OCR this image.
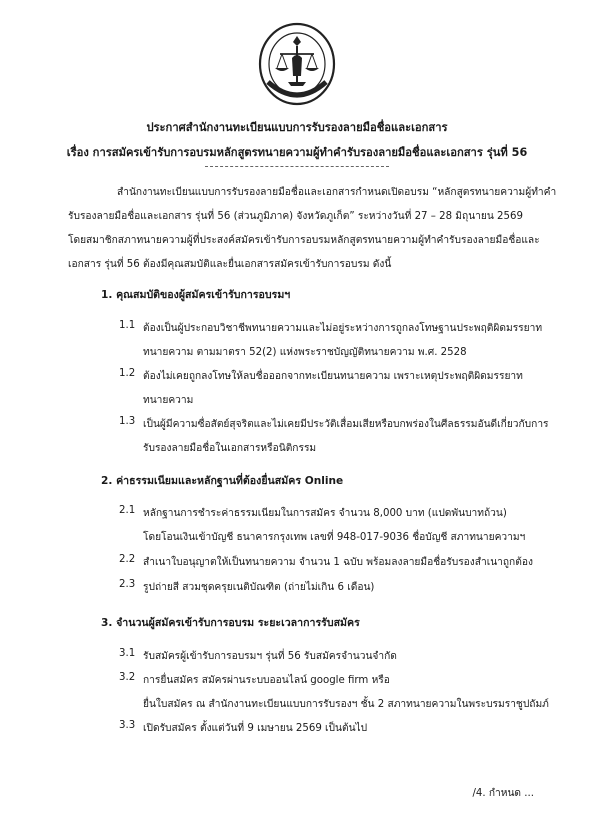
ประกาศสำนักงานทะเบียนแบบการรับรองลายมือชื่อและเอกสาร
เรื่อง การสมัครเข้ารับการอบรมหลักสูตรทนายความผู้ทำคำรับรองลายมือชื่อและเอกสาร รุ่นที่ 56
สำนักงานทะเบียนแบบการรับรองลายมือชื่อและเอกสารกำหนดเปิดอบรม “หลักสูตรทนายความผู้ทำคำ
รับรองลายมือชื่อและเอกสาร รุ่นที่ 56 (ส่วนภูมิภาค) จังหวัดภูเก็ต” ระหว่างวันที่ 27 – 28 มิถุนายน 2569
โดยสมาชิกสภาทนายความผู้ที่ประสงค์สมัครเข้ารับการอบรมหลักสูตรทนายความผู้ทำคำรับรองลายมือชื่อและ
เอกสาร รุ่นที่ 56 ต้องมีคุณสมบัติและยื่นเอกสารสมัครเข้ารับการอบรม ดังนี้
1. คุณสมบัติของผู้สมัครเข้ารับการอบรมฯ
1.1 ต้องเป็นผู้ประกอบวิชาชีพทนายความและไม่อยู่ระหว่างการถูกลงโทษฐานประพฤติผิดมรรยาท
ทนายความ ตามมาตรา 52(2) แห่งพระราชบัญญัติทนายความ พ.ศ. 2528
1.2 ต้องไม่เคยถูกลงโทษให้ลบชื่อออกจากทะเบียนทนายความ เพราะเหตุประพฤติผิดมรรยาท
ทนายความ
1.3 เป็นผู้มีความซื่อสัตย์สุจริตและไม่เคยมีประวัติเสื่อมเสียหรือบกพร่องในศีลธรรมอันดีเกี่ยวกับการ
รับรองลายมือชื่อในเอกสารหรือนิติกรรม
2. ค่าธรรมเนียมและหลักฐานที่ต้องยื่นสมัคร Online
2.1 หลักฐานการชำระค่าธรรมเนียมในการสมัคร จำนวน 8,000 บาท (แปดพันบาทถ้วน)
โดยโอนเงินเข้าบัญชี ธนาคารกรุงเทพ เลขที่ 948-017-9036 ชื่อบัญชี สภาทนายความฯ
2.2 สำเนาใบอนุญาตให้เป็นทนายความ จำนวน 1 ฉบับ พร้อมลงลายมือชื่อรับรองสำเนาถูกต้อง
2.3 รูปถ่ายสี สวมชุดครุยเนติบัณฑิต (ถ่ายไม่เกิน 6 เดือน)
3. จำนวนผู้สมัครเข้ารับการอบรม ระยะเวลาการรับสมัคร
3.1 รับสมัครผู้เข้ารับการอบรมฯ รุ่นที่ 56 รับสมัครจำนวนจำกัด
3.2 การยื่นสมัคร สมัครผ่านระบบออนไลน์ google firm หรือ
ยื่นใบสมัคร ณ สำนักงานทะเบียนแบบการรับรองฯ ชั้น 2 สภาทนายความในพระบรมราชูปถัมภ์
3.3 เปิดรับสมัคร ตั้งแต่วันที่ 9 เมษายน 2569 เป็นต้นไป
/4. กำหนด ...
